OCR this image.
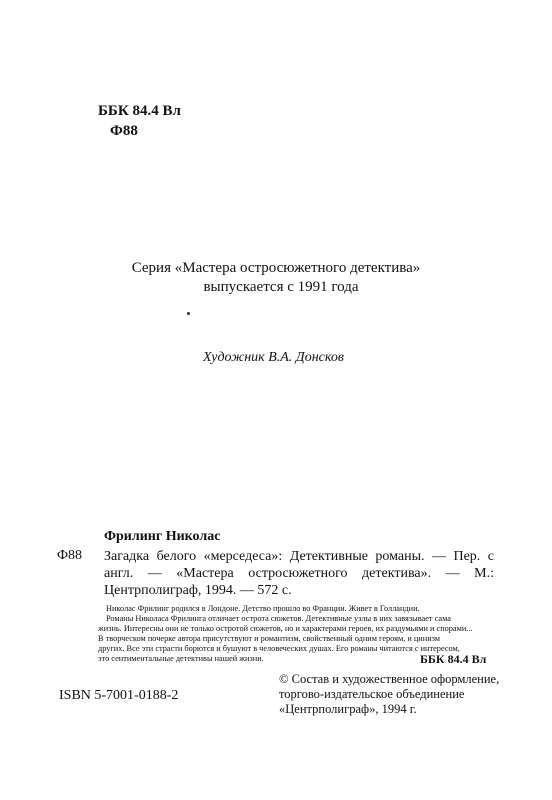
ББК 84.4 Вл
Ф88
Серия «Мастера остросюжетного детектива»
выпускается с 1991 года
Художник В.А. Донсков
Фрилинг Николас
Ф88 Загадка белого «мерседеса»: Детективные романы. — Пер. с англ. — «Мастера остросюжетного детектива». — М.: Центрполиграф, 1994. — 572 с.
Николас Фрилинг родился в Лондоне. Детство прошло во Франции. Живет в Голландии.
Романы Николаса Фрилинга отличает острота сюжетов. Детективные узлы в них завязывает сама
жизнь. Интересны они не только остротой сюжетов, но и характерами героев, их раздумьями и спорами...
В творческом почерке автора присутствуют и романтизм, свойственный одним героям, и цинизм
других. Все эти страсти борются и бушуют в человеческих душах. Его романы читаются с интересом,
это сентиментальные детективы нашей жизни.	ББК 84.4 Вл
ISBN 5-7001-0188-2
© Состав и художественное оформление,
торгово-издательское объединение
«Центрполиграф», 1994 г.
